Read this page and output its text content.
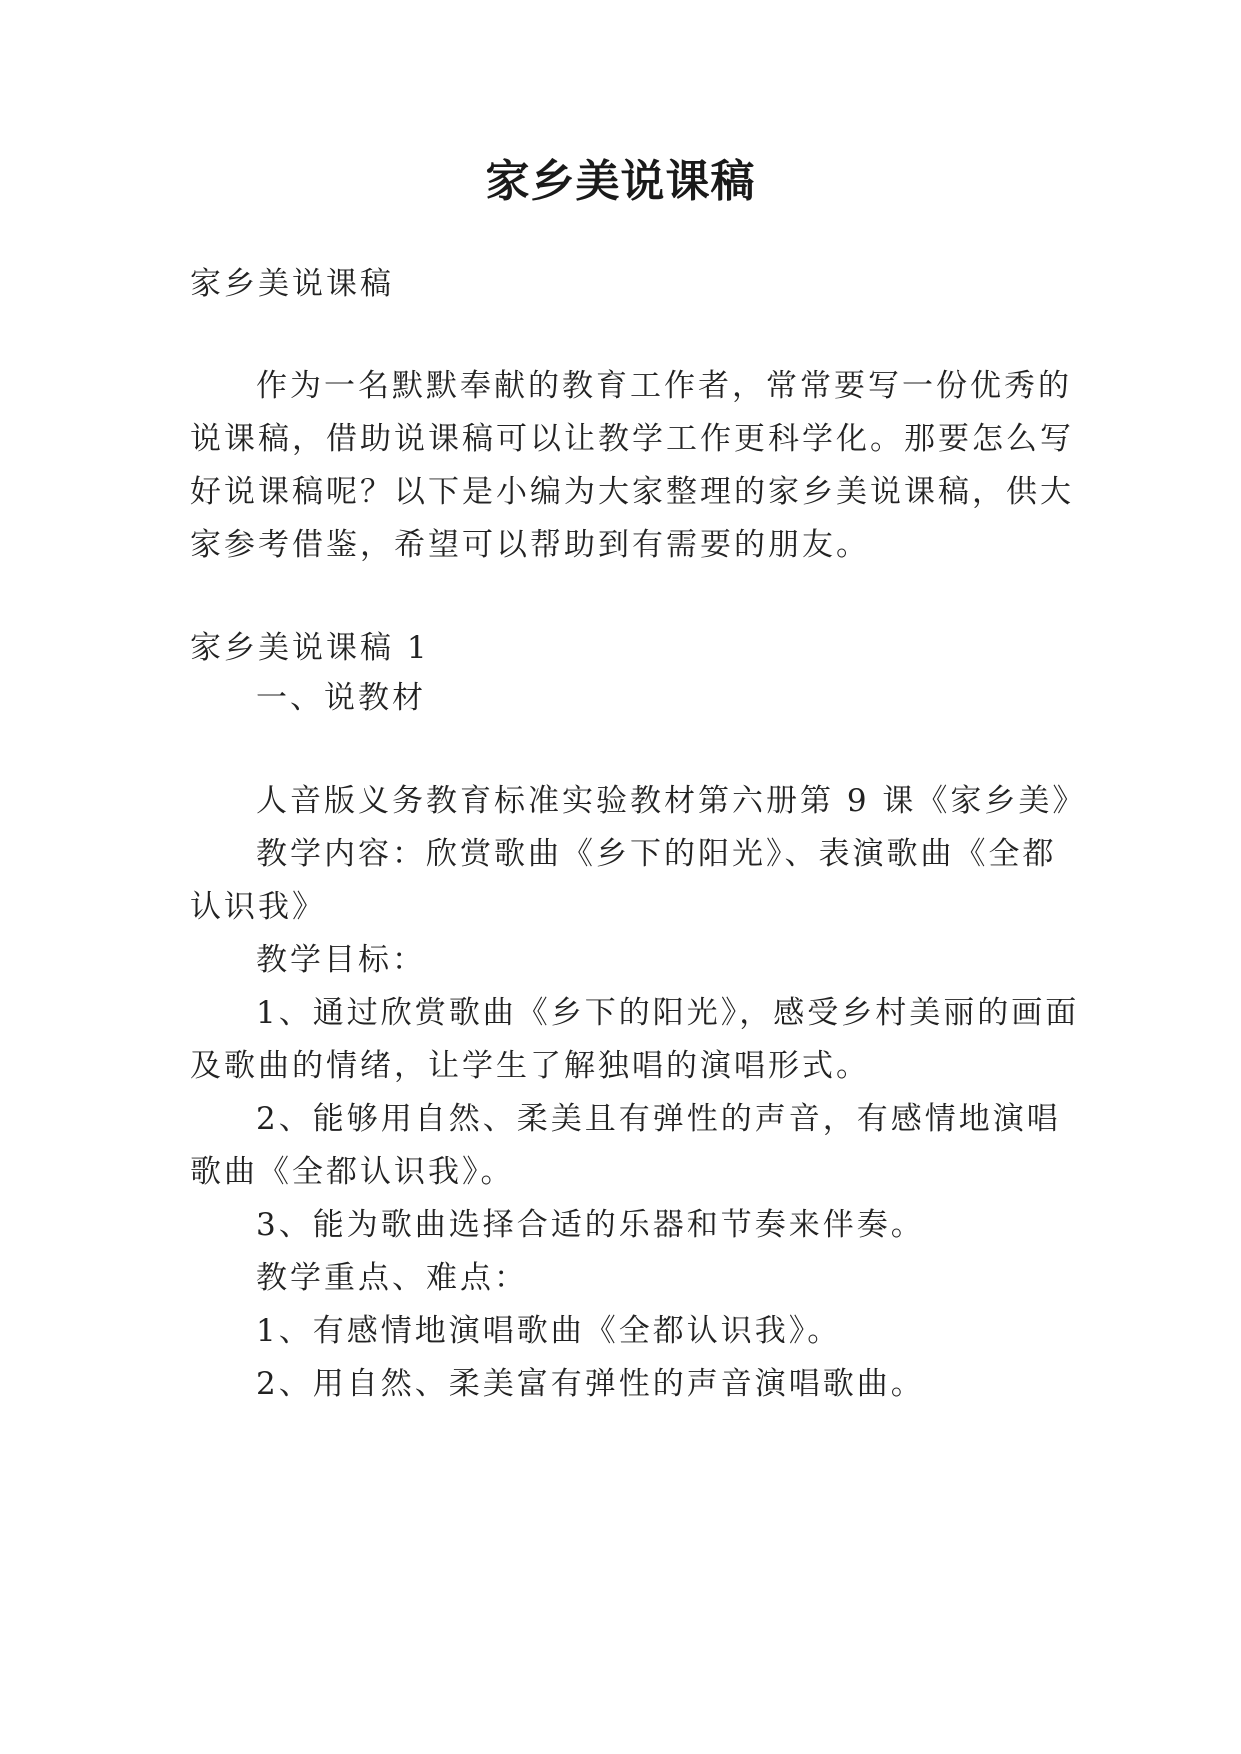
家乡美说课稿
家乡美说课稿
作为一名默默奉献的教育工作者，常常要写一份优秀的
说课稿，借助说课稿可以让教学工作更科学化。那要怎么写
好说课稿呢？以下是小编为大家整理的家乡美说课稿，供大
家参考借鉴，希望可以帮助到有需要的朋友。
家乡美说课稿 1
一、说教材
人音版义务教育标准实验教材第六册第 9 课《家乡美》
教学内容：欣赏歌曲《乡下的阳光》、表演歌曲《全都
认识我》
教学目标：
1、通过欣赏歌曲《乡下的阳光》，感受乡村美丽的画面
及歌曲的情绪，让学生了解独唱的演唱形式。
2、能够用自然、柔美且有弹性的声音，有感情地演唱
歌曲《全都认识我》。
3、能为歌曲选择合适的乐器和节奏来伴奏。
教学重点、难点：
1、有感情地演唱歌曲《全都认识我》。
2、用自然、柔美富有弹性的声音演唱歌曲。
